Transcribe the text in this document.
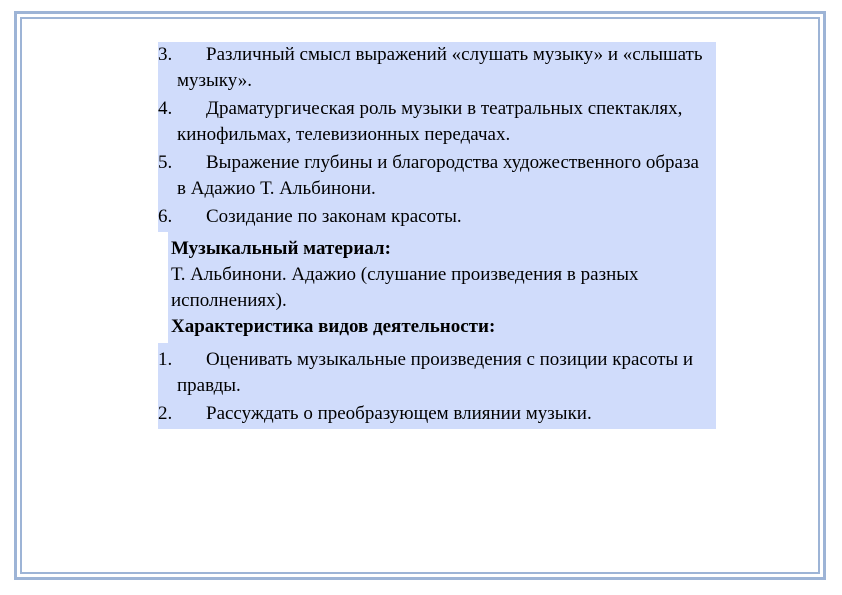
3. Различный смысл выражений «слушать музыку» и «слышать музыку».
4. Драматургическая роль музыки в театральных спектаклях, кинофильмах, телевизионных передачах.
5. Выражение глубины и благородства художественного образа в Адажио Т. Альбинони.
6. Созидание по законам красоты.
Музыкальный материал:
Т. Альбинони. Адажио (слушание произведения в разных исполнениях).
Характеристика видов деятельности:
1. Оценивать музыкальные произведения с позиции красоты и правды.
2. Рассуждать о преобразующем влиянии музыки.
